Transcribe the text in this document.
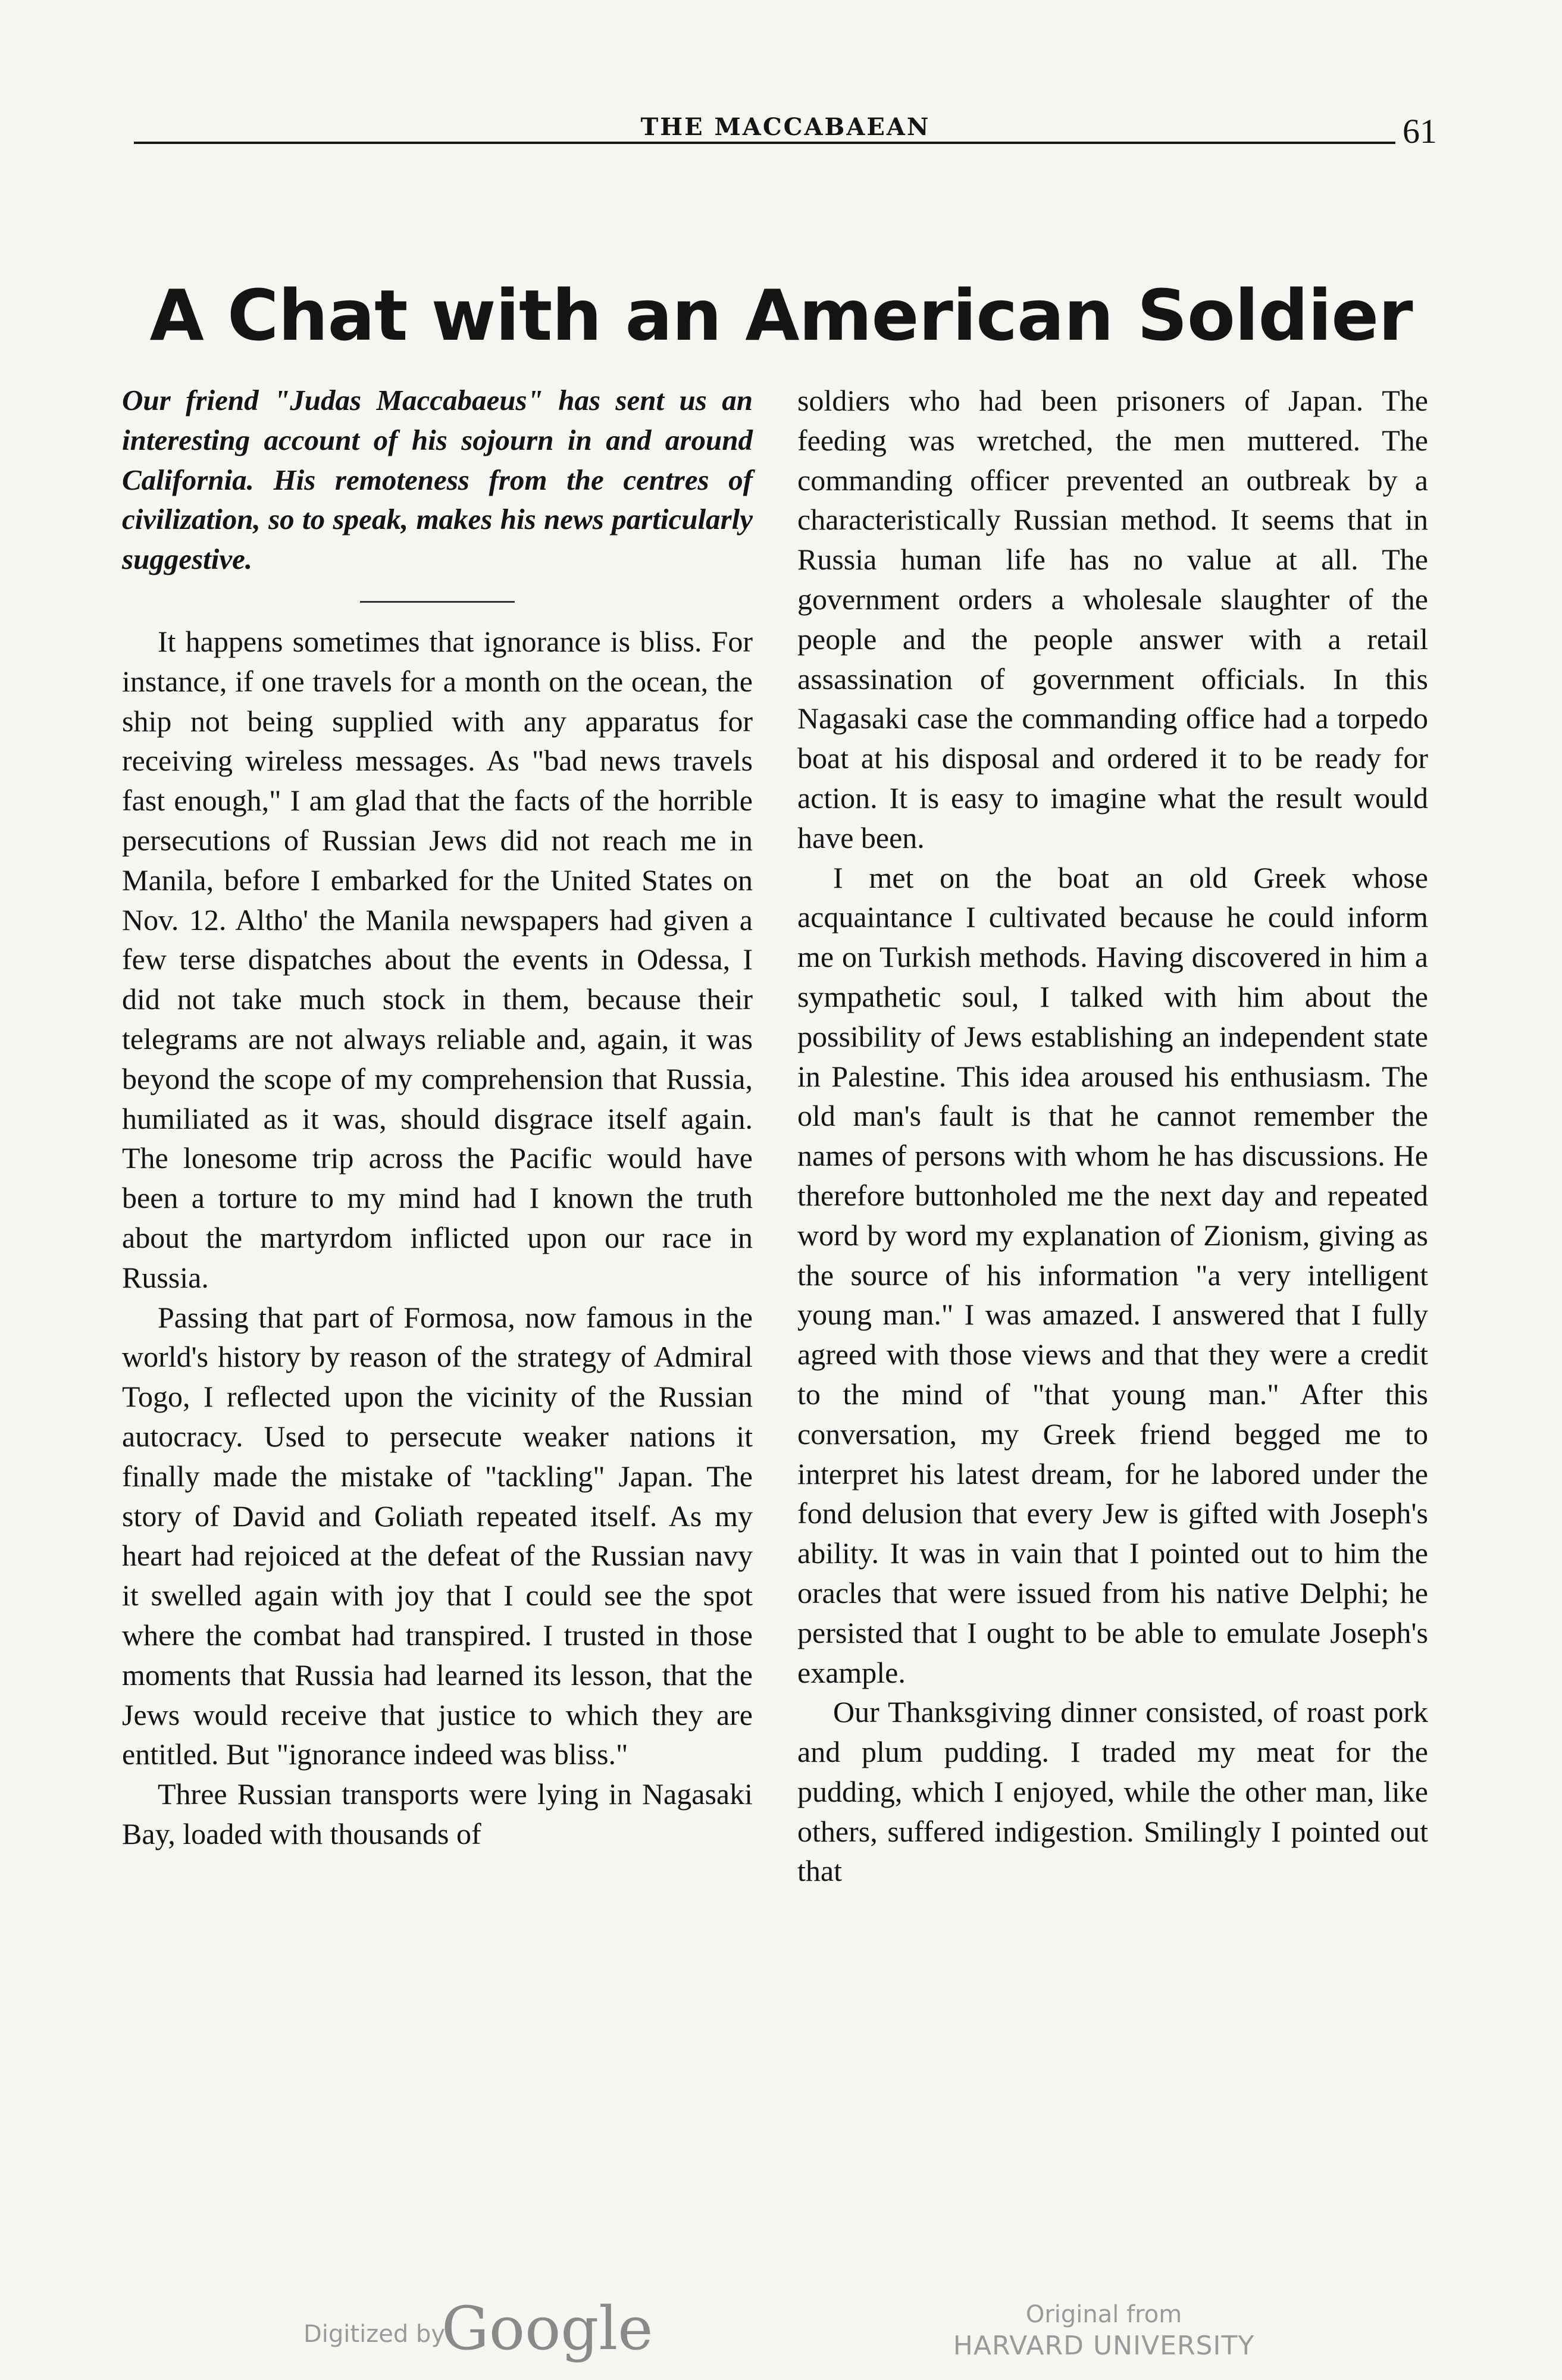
THE MACCABAEAN	61
A Chat with an American Soldier

Our friend "Judas Maccabaeus" has sent us an interesting account of his sojourn in and around California. His remoteness from the centres of civilization, so to speak, makes his news particularly suggestive.

It happens sometimes that ignorance is bliss. For instance, if one travels for a month on the ocean, the ship not being supplied with any apparatus for receiving wireless messages. As "bad news travels fast enough," I am glad that the facts of the horrible persecutions of Russian Jews did not reach me in Manila, before I embarked for the United States on Nov. 12. Altho' the Manila newspapers had given a few terse dispatches about the events in Odessa, I did not take much stock in them, because their telegrams are not always reliable and, again, it was beyond the scope of my comprehension that Russia, humiliated as it was, should disgrace itself again. The lonesome trip across the Pacific would have been a torture to my mind had I known the truth about the martyrdom inflicted upon our race in Russia.

Passing that part of Formosa, now famous in the world's history by reason of the strategy of Admiral Togo, I reflected upon the vicinity of the Russian autocracy. Used to persecute weaker nations it finally made the mistake of "tackling" Japan. The story of David and Goliath repeated itself. As my heart had rejoiced at the defeat of the Russian navy it swelled again with joy that I could see the spot where the combat had transpired. I trusted in those moments that Russia had learned its lesson, that the Jews would receive that justice to which they are entitled. But "ignorance indeed was bliss."

Three Russian transports were lying in Nagasaki Bay, loaded with thousands of

soldiers who had been prisoners of Japan. The feeding was wretched, the men muttered. The commanding officer prevented an outbreak by a characteristically Russian method. It seems that in Russia human life has no value at all. The government orders a wholesale slaughter of the people and the people answer with a retail assassination of government officials. In this Nagasaki case the commanding office had a torpedo boat at his disposal and ordered it to be ready for action. It is easy to imagine what the result would have been.

I met on the boat an old Greek whose acquaintance I cultivated because he could inform me on Turkish methods. Having discovered in him a sympathetic soul, I talked with him about the possibility of Jews establishing an independent state in Palestine. This idea aroused his enthusiasm. The old man's fault is that he cannot remember the names of persons with whom he has discussions. He therefore buttonholed me the next day and repeated word by word my explanation of Zionism, giving as the source of his information "a very intelligent young man." I was amazed. I answered that I fully agreed with those views and that they were a credit to the mind of "that young man." After this conversation, my Greek friend begged me to interpret his latest dream, for he labored under the fond delusion that every Jew is gifted with Joseph's ability. It was in vain that I pointed out to him the oracles that were issued from his native Delphi; he persisted that I ought to be able to emulate Joseph's example.

Our Thanksgiving dinner consisted, of roast pork and plum pudding. I traded my meat for the pudding, which I enjoyed, while the other man, like others, suffered indigestion. Smilingly I pointed out that

Digitized by
Google	Original from
HARVARD UNIVERSITY
